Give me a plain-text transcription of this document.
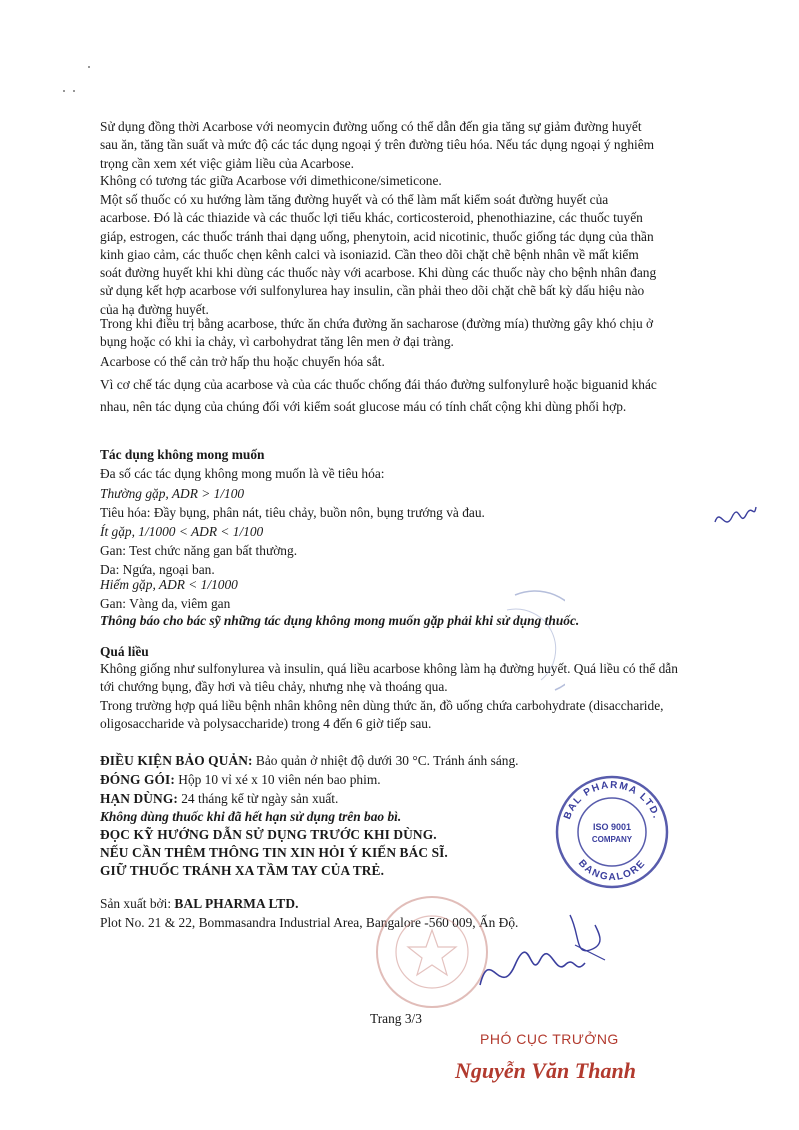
Sử dụng đồng thời Acarbose với neomycin đường uống có thể dẫn đến gia tăng sự giảm đường huyết sau ăn, tăng tần suất và mức độ các tác dụng ngoại ý trên đường tiêu hóa. Nếu tác dụng ngoại ý nghiêm trọng cần xem xét việc giảm liều của Acarbose.

Không có tương tác giữa Acarbose với dimethicone/simeticone.

Một số thuốc có xu hướng làm tăng đường huyết và có thể làm mất kiểm soát đường huyết của acarbose. Đó là các thiazide và các thuốc lợi tiểu khác, corticosteroid, phenothiazine, các thuốc tuyến giáp, estrogen, các thuốc tránh thai dạng uống, phenytoin, acid nicotinic, thuốc giống tác dụng của thần kinh giao cảm, các thuốc chẹn kênh calci và isoniazid. Cần theo dõi chặt chẽ bệnh nhân về mất kiểm soát đường huyết khi khi dùng các thuốc này với acarbose. Khi dùng các thuốc này cho bệnh nhân đang sử dụng kết hợp acarbose với sulfonylurea hay insulin, cần phải theo dõi chặt chẽ bất kỳ dấu hiệu nào của hạ đường huyết.

Trong khi điều trị bằng acarbose, thức ăn chứa đường ăn sacharose (đường mía) thường gây khó chịu ở bụng hoặc có khi ỉa chảy, vì carbohydrat tăng lên men ở đại tràng.

Acarbose có thể cản trở hấp thu hoặc chuyển hóa sắt.

Vì cơ chế tác dụng của acarbose và của các thuốc chống đái tháo đường sulfonylurê hoặc biguanid khác nhau, nên tác dụng của chúng đối với kiểm soát glucose máu có tính chất cộng khi dùng phối hợp.

Tác dụng không mong muốn

Đa số các tác dụng không mong muốn là về tiêu hóa:

Thường gặp, ADR > 1/100

Tiêu hóa: Đầy bụng, phân nát, tiêu chảy, buồn nôn, bụng trướng và đau.

Ít gặp, 1/1000 < ADR < 1/100

Gan: Test chức năng gan bất thường.

Da: Ngứa, ngoại ban.

Hiếm gặp, ADR < 1/1000

Gan: Vàng da, viêm gan

Thông báo cho bác sỹ những tác dụng không mong muốn gặp phải khi sử dụng thuốc.

Quá liều

Không giống như sulfonylurea và insulin, quá liều acarbose không làm hạ đường huyết. Quá liều có thể dẫn tới chướng bụng, đầy hơi và tiêu chảy, nhưng nhẹ và thoáng qua.

Trong trường hợp quá liều bệnh nhân không nên dùng thức ăn, đồ uống chứa carbohydrate (disaccharide, oligosaccharide và polysaccharide) trong 4 đến 6 giờ tiếp sau.

ĐIỀU KIỆN BẢO QUẢN: Bảo quản ở nhiệt độ dưới 30 °C. Tránh ánh sáng.

ĐÓNG GÓI: Hộp 10 vỉ xé x 10 viên nén bao phim.

HẠN DÙNG: 24 tháng kể từ ngày sản xuất.

Không dùng thuốc khi đã hết hạn sử dụng trên bao bì.

ĐỌC KỸ HƯỚNG DẪN SỬ DỤNG TRƯỚC KHI DÙNG.

NẾU CẦN THÊM THÔNG TIN XIN HỎI Ý KIẾN BÁC SĨ.

GIỮ THUỐC TRÁNH XA TẦM TAY CỦA TRẺ.

Sản xuất bởi: BAL PHARMA LTD.

Plot No. 21 & 22, Bommasandra Industrial Area, Bangalore -560 009, Ấn Độ.

Trang 3/3

BAL PHARMA LTD.
BANGALORE
ISO 9001
COMPANY
PHÓ CỤC TRƯỞNG
Nguyễn Văn Thanh
